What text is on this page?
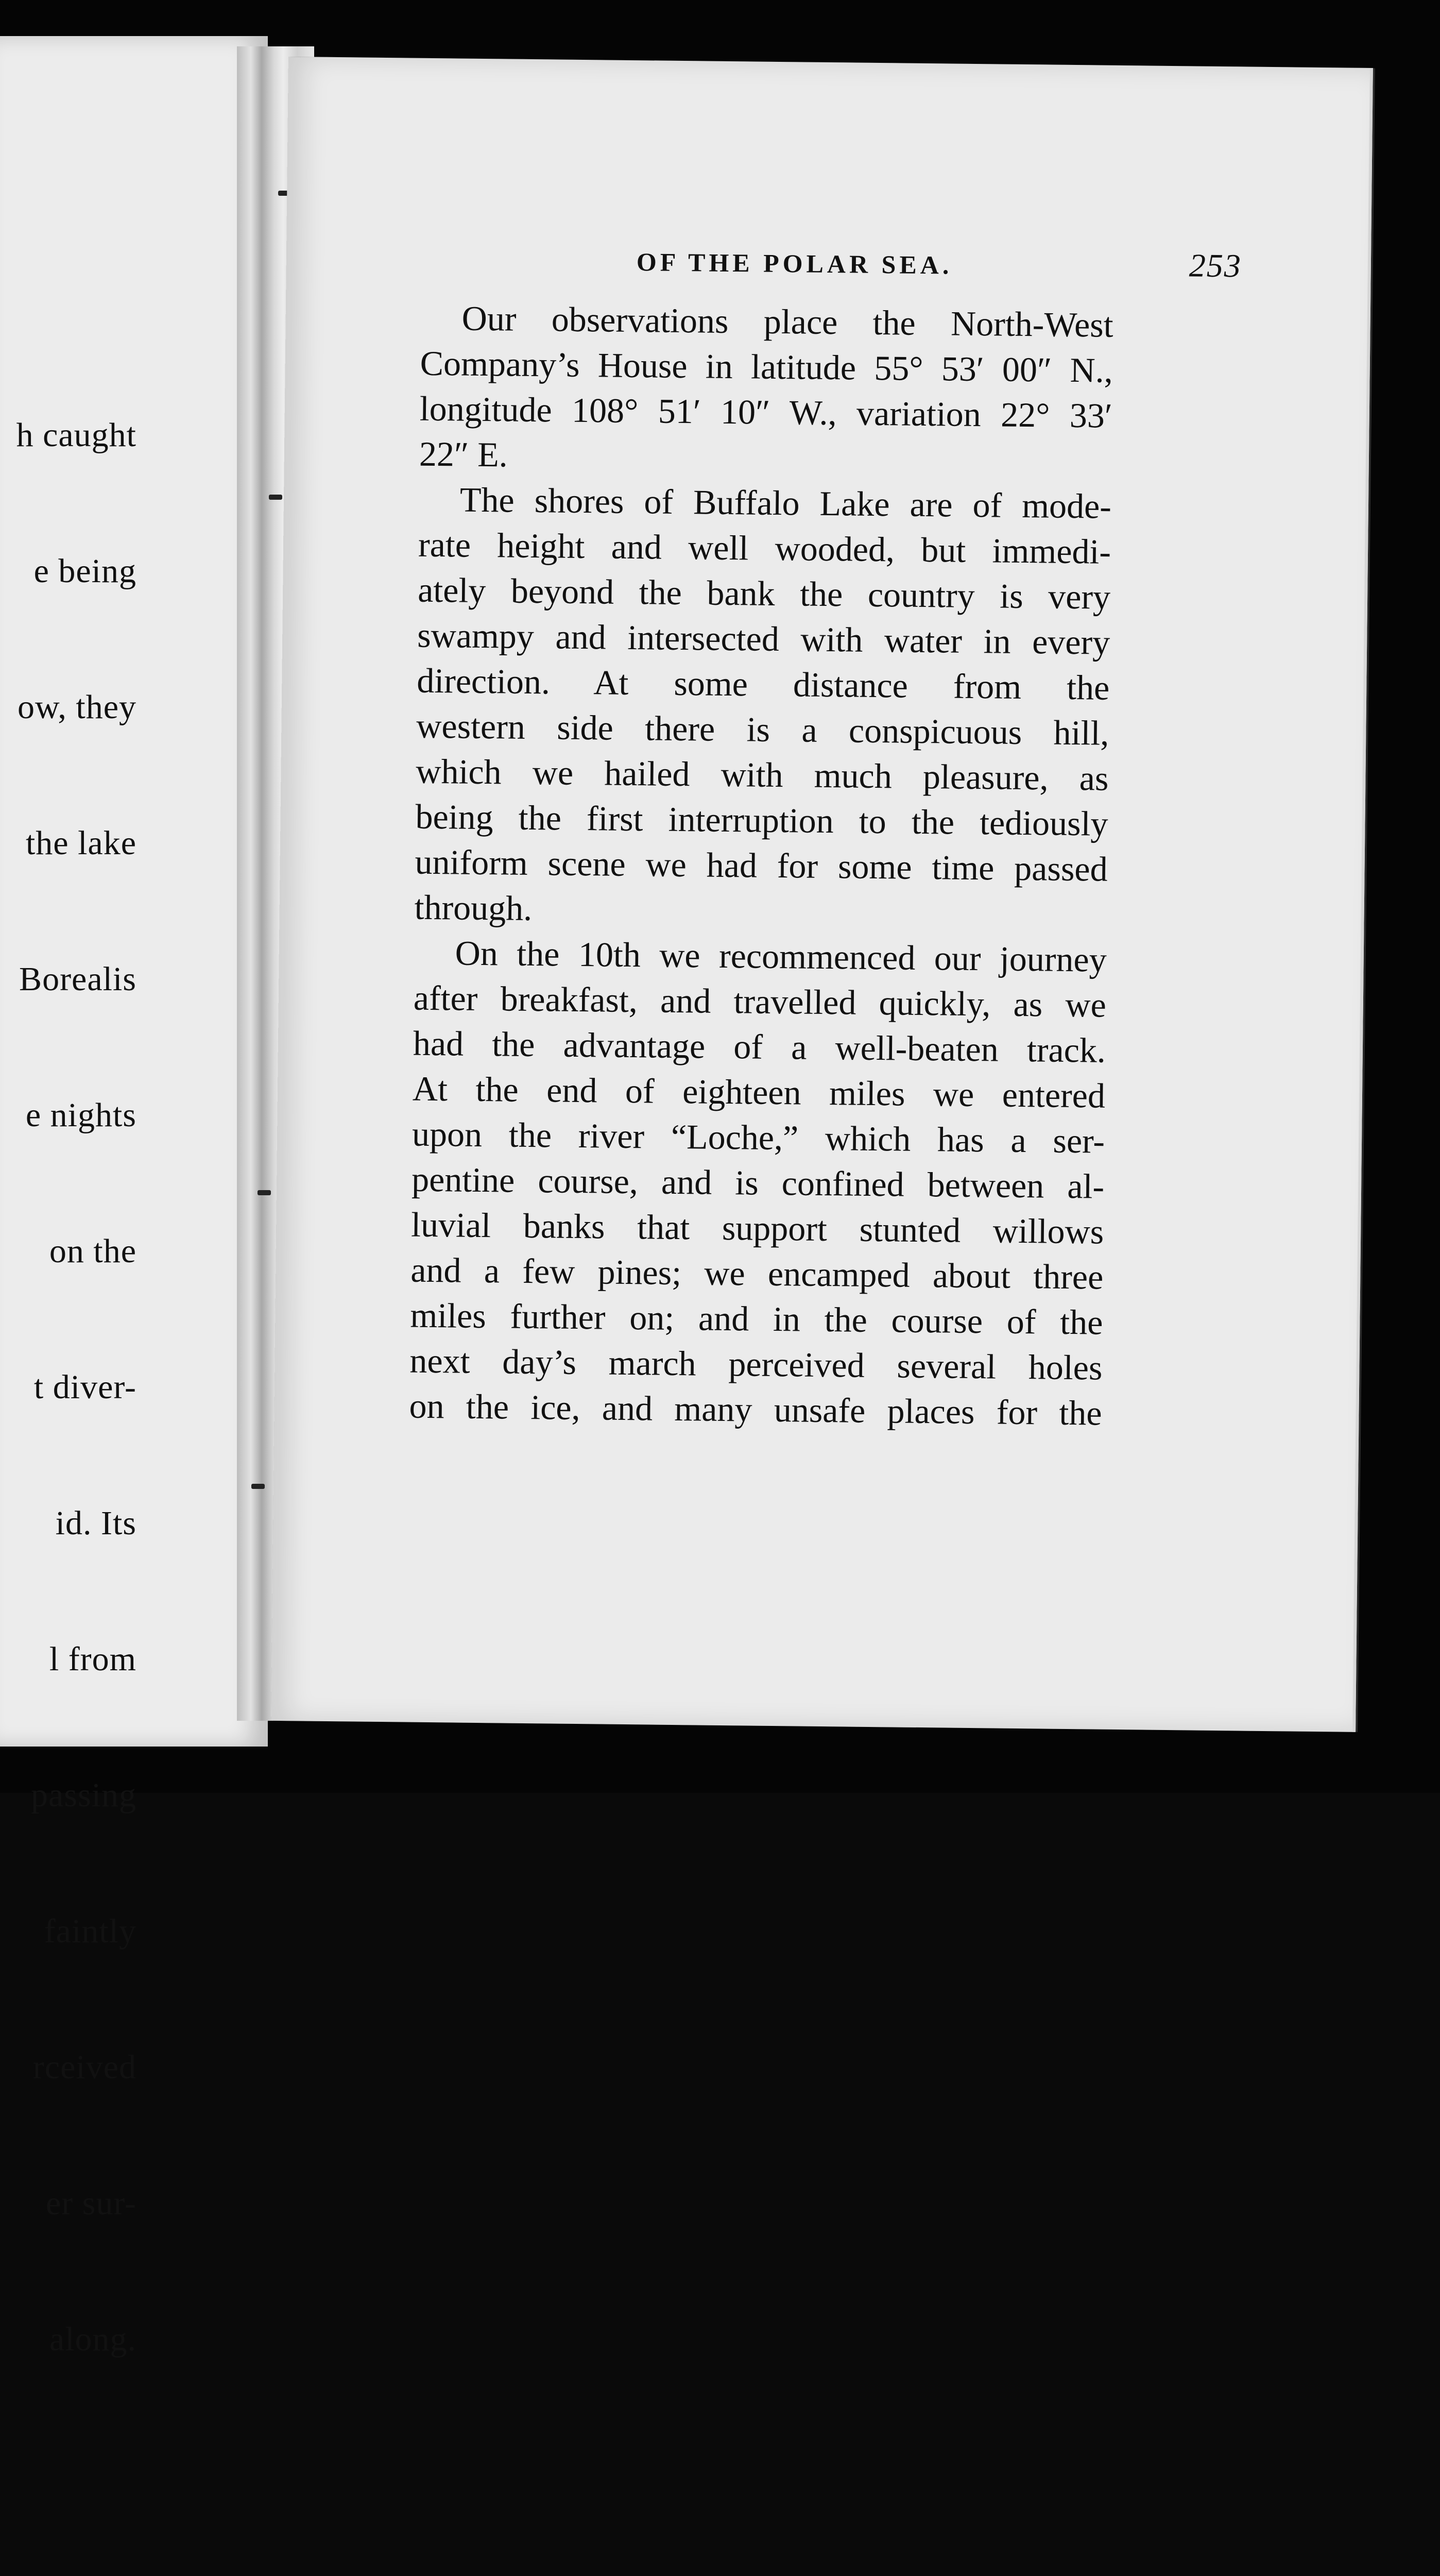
h caught

e being

ow, they

the lake

Borealis

e nights

on the

t diver-

id. Its

l from

passing

faintly

rceived

er sur-

along.

OF THE POLAR SEA.	253
Our observations place the North-West
Company’s House in latitude 55° 53′ 00″ N.,
longitude 108° 51′ 10″ W., variation 22° 33′
22″ E.
The shores of Buffalo Lake are of mode-
rate height and well wooded, but immedi-
ately beyond the bank the country is very
swampy and intersected with water in every
direction. At some distance from the
western side there is a conspicuous hill,
which we hailed with much pleasure, as
being the first interruption to the tediously
uniform scene we had for some time passed
through.
On the 10th we recommenced our journey
after breakfast, and travelled quickly, as we
had the advantage of a well-beaten track.
At the end of eighteen miles we entered
upon the river “Loche,” which has a ser-
pentine course, and is confined between al-
luvial banks that support stunted willows
and a few pines; we encamped about three
miles further on; and in the course of the
next day’s march perceived several holes
on the ice, and many unsafe places for the
